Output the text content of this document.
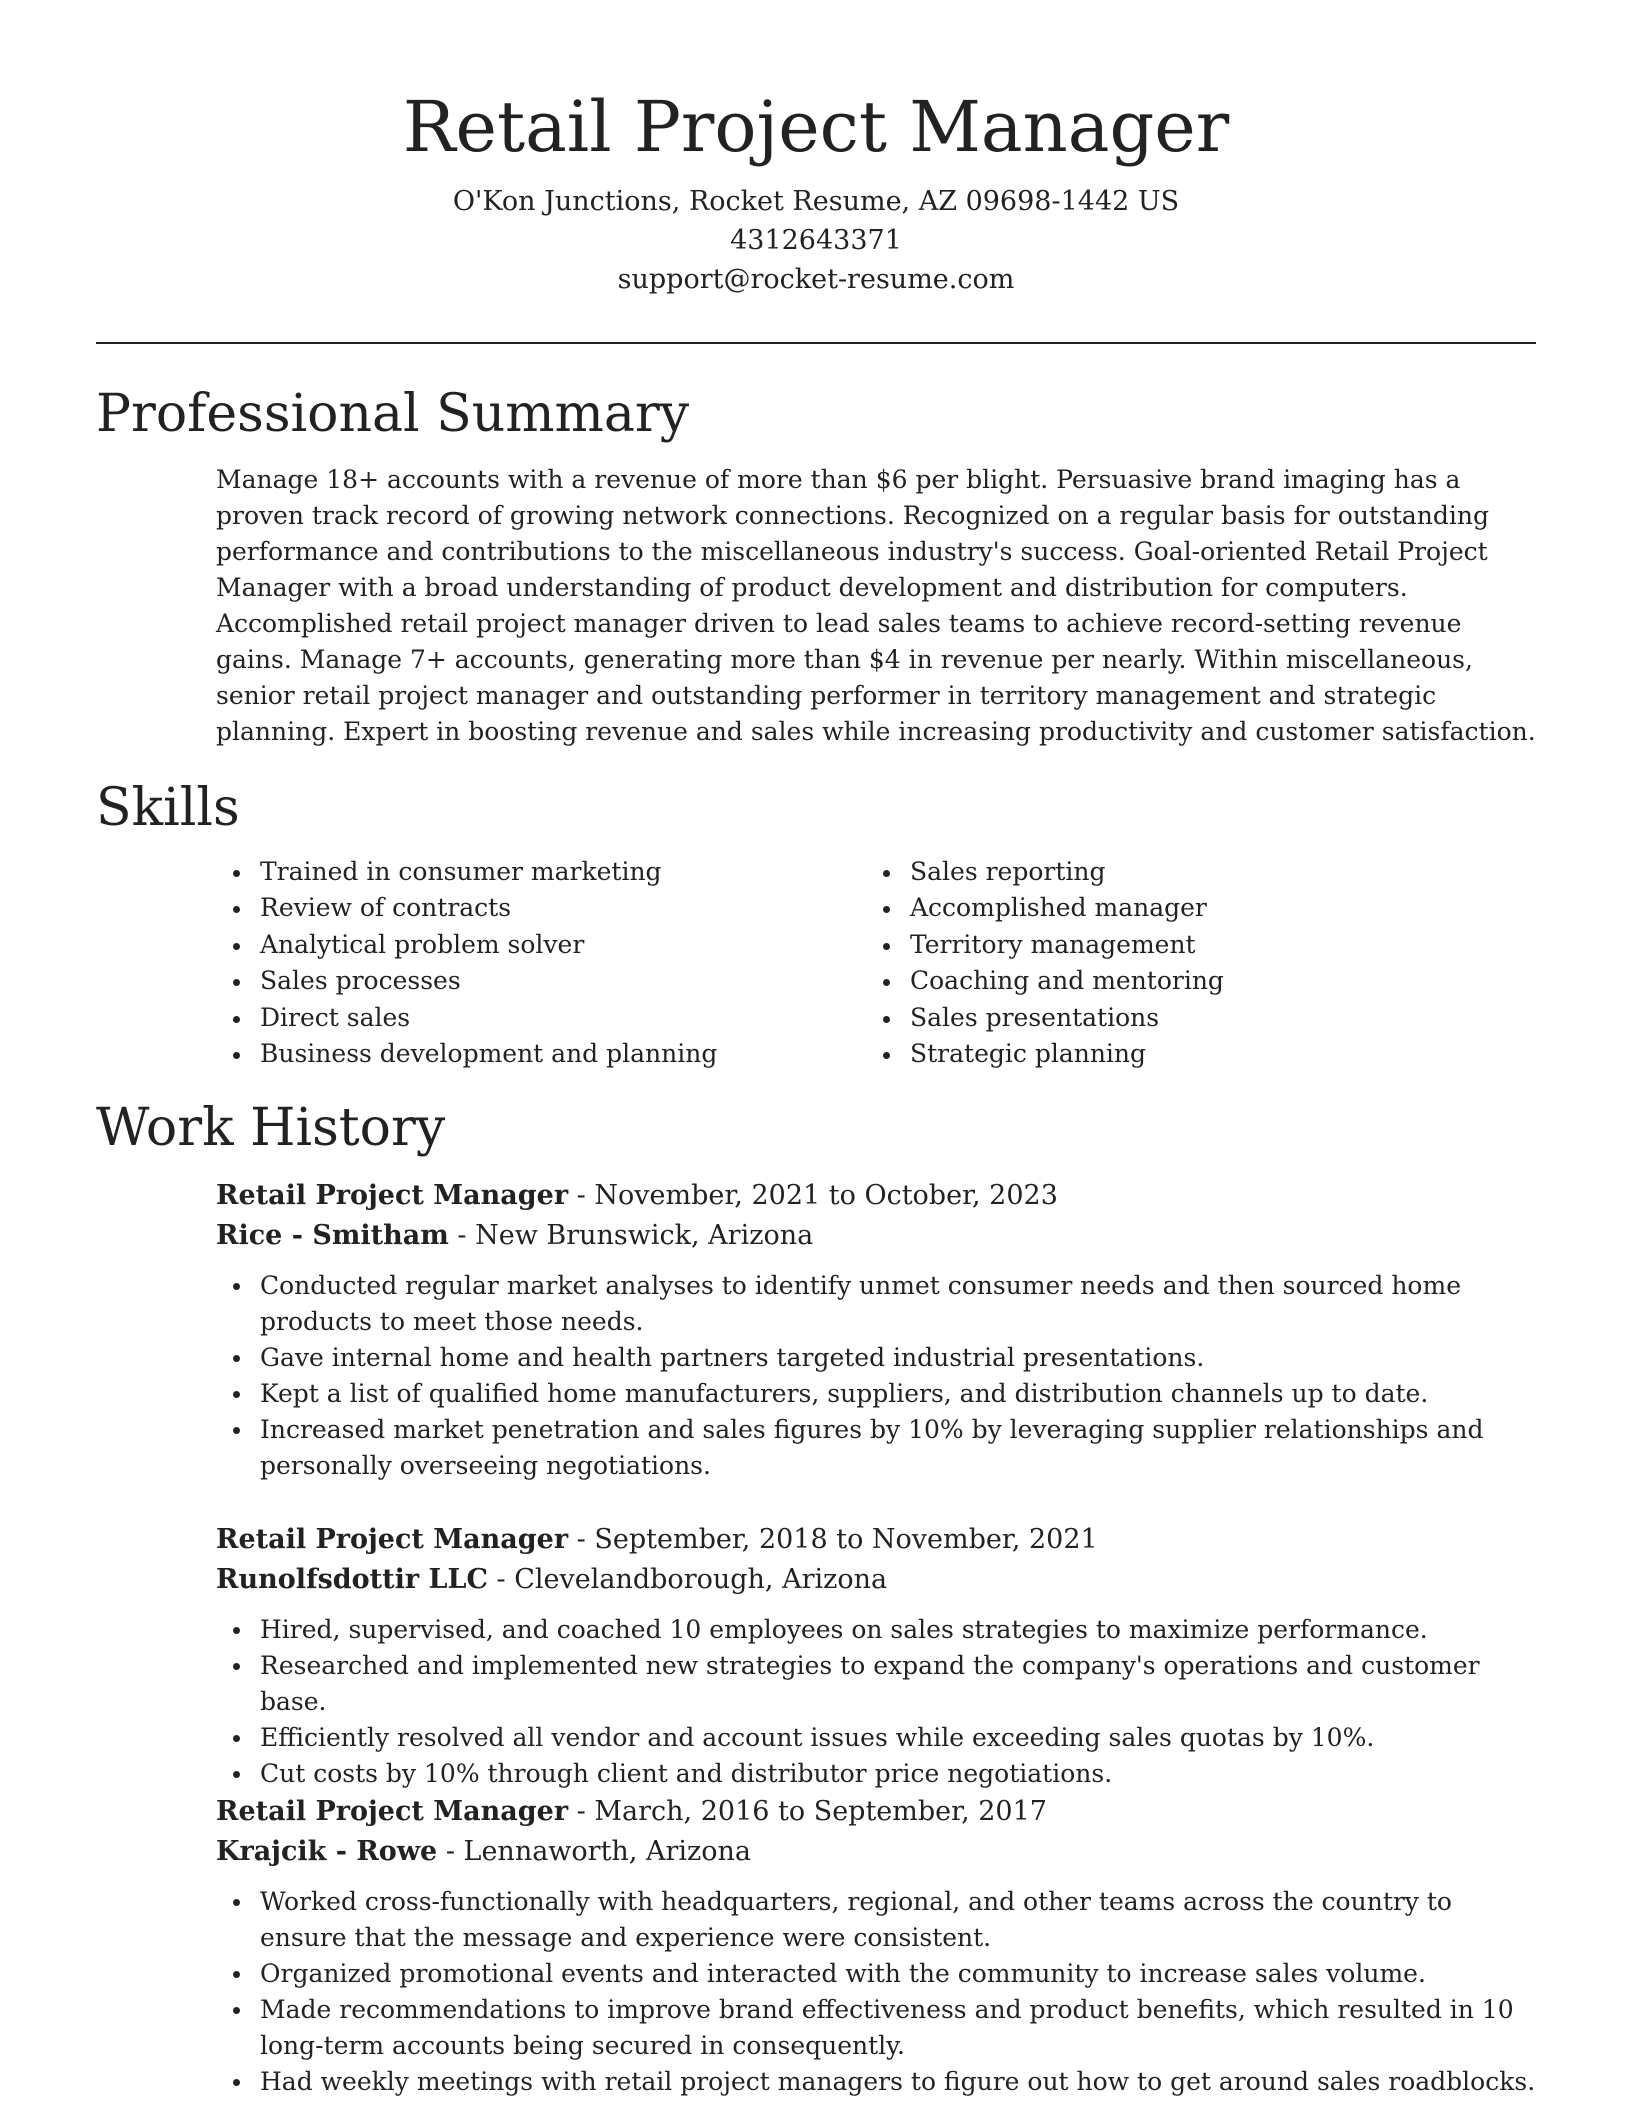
Retail Project Manager
O'Kon Junctions, Rocket Resume, AZ 09698-1442 US
4312643371
support@rocket-resume.com
Professional Summary

Manage 18+ accounts with a revenue of more than $6 per blight. Persuasive brand imaging has a proven track record of growing network connections. Recognized on a regular basis for outstanding performance and contributions to the miscellaneous industry's success. Goal-oriented Retail Project Manager with a broad understanding of product development and distribution for computers. Accomplished retail project manager driven to lead sales teams to achieve record-setting revenue gains. Manage 7+ accounts, generating more than $4 in revenue per nearly. Within miscellaneous, senior retail project manager and outstanding performer in territory management and strategic planning. Expert in boosting revenue and sales while increasing productivity and customer satisfaction.

Skills
Trained in consumer marketing
Review of contracts
Analytical problem solver
Sales processes
Direct sales
Business development and planning
Sales reporting
Accomplished manager
Territory management
Coaching and mentoring
Sales presentations
Strategic planning
Work History
Retail Project Manager - November, 2021 to October, 2023
Rice - Smitham - New Brunswick, Arizona
Conducted regular market analyses to identify unmet consumer needs and then sourced home products to meet those needs.
Gave internal home and health partners targeted industrial presentations.
Kept a list of qualified home manufacturers, suppliers, and distribution channels up to date.
Increased market penetration and sales figures by 10% by leveraging supplier relationships and personally overseeing negotiations.
Retail Project Manager - September, 2018 to November, 2021
Runolfsdottir LLC - Clevelandborough, Arizona
Hired, supervised, and coached 10 employees on sales strategies to maximize performance.
Researched and implemented new strategies to expand the company's operations and customer base.
Efficiently resolved all vendor and account issues while exceeding sales quotas by 10%.
Cut costs by 10% through client and distributor price negotiations.
Retail Project Manager - March, 2016 to September, 2017
Krajcik - Rowe - Lennaworth, Arizona
Worked cross-functionally with headquarters, regional, and other teams across the country to ensure that the message and experience were consistent.
Organized promotional events and interacted with the community to increase sales volume.
Made recommendations to improve brand effectiveness and product benefits, which resulted in 10 long-term accounts being secured in consequently.
Had weekly meetings with retail project managers to figure out how to get around sales roadblocks.
